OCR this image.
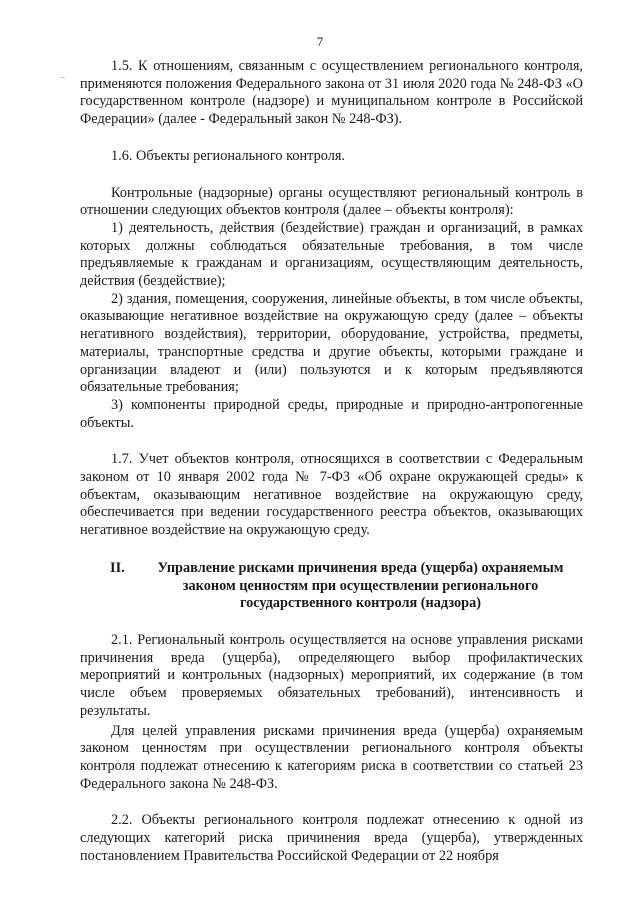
7
–

1.5. К отношениям, связанным с осуществлением регионального контроля, применяются положения Федерального закона от 31 июля 2020 года № 248-ФЗ «О государственном контроле (надзоре) и муниципальном контроле в Российской Федерации» (далее - Федеральный закон № 248-ФЗ).

1.6. Объекты регионального контроля.

Контрольные (надзорные) органы осуществляют региональный контроль в отношении следующих объектов контроля (далее – объекты контроля):

1) деятельность, действия (бездействие) граждан и организаций, в рамках которых должны соблюдаться обязательные требования, в том числе предъявляемые к гражданам и организациям, осуществляющим деятельность, действия (бездействие);

2) здания, помещения, сооружения, линейные объекты, в том числе объекты, оказывающие негативное воздействие на окружающую среду (далее – объекты негативного воздействия), территории, оборудование, устройства, предметы, материалы, транспортные средства и другие объекты, которыми граждане и организации владеют и (или) пользуются и к которым предъявляются обязательные требования;

3) компоненты природной среды, природные и природно-антропогенные объекты.

1.7. Учет объектов контроля, относящихся в соответствии с Федеральным законом от 10 января 2002 года № 7-ФЗ «Об охране окружающей среды» к объектам, оказывающим негативное воздействие на окружающую среду, обеспечивается при ведении государственного реестра объектов, оказывающих негативное воздействие на окружающую среду.

II.	Управление рисками причинения вреда (ущерба) охраняемым законом ценностям при осуществлении регионального государственного контроля (надзора)

2.1. Региональный контроль осуществляется на основе управления рисками причинения вреда (ущерба), определяющего выбор профилактических мероприятий и контрольных (надзорных) мероприятий, их содержание (в том числе объем проверяемых обязательных требований), интенсивность и результаты.

Для целей управления рисками причинения вреда (ущерба) охраняемым законом ценностям при осуществлении регионального контроля объекты контроля подлежат отнесению к категориям риска в соответствии со статьей 23 Федерального закона № 248-ФЗ.

2.2. Объекты регионального контроля подлежат отнесению к одной из следующих категорий риска причинения вреда (ущерба), утвержденных постановлением Правительства Российской Федерации от 22 ноября
